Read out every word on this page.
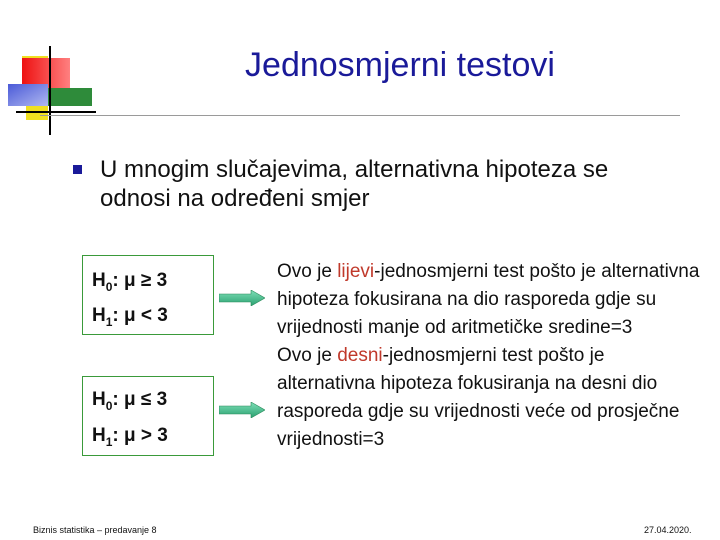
Jednosmjerni testovi
U mnogim slučajevima, alternativna hipoteza se odnosi na određeni smjer
$H_0$: μ ≥ 3
$H_1$: μ < 3
$H_0$: μ ≤ 3
$H_1$: μ > 3
Ovo je lijevi-jednosmjerni test pošto je alternativna hipoteza fokusirana na dio rasporeda gdje su vrijednosti manje od aritmetičke sredine=3
Ovo je desni-jednosmjerni test pošto je alternativna hipoteza fokusiranja na desni dio rasporeda gdje su vrijednosti veće od prosječne vrijednosti=3
Biznis statistika – predavanje 8	27.04.2020.
